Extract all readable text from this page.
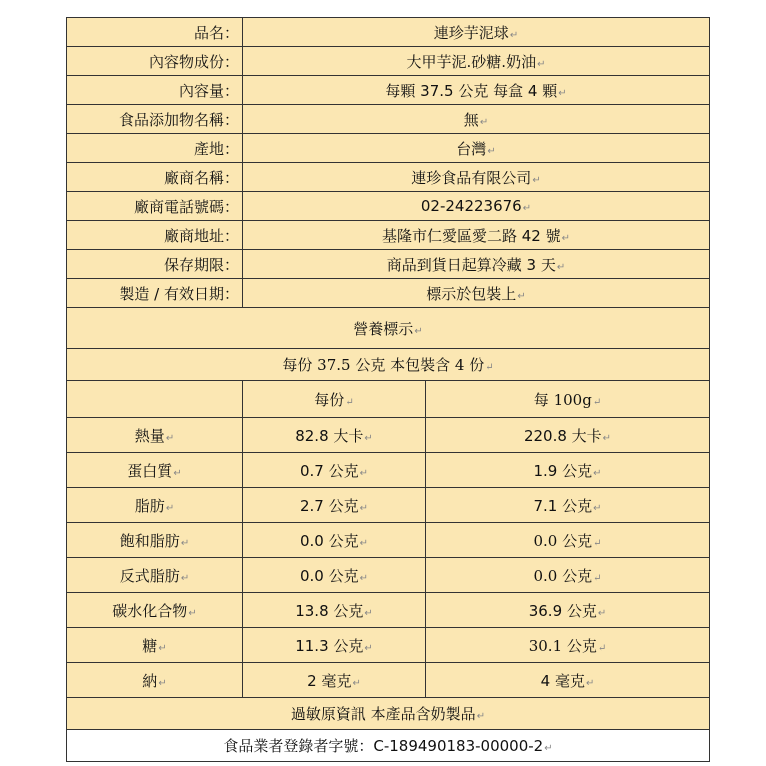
品名：	連珍芋泥球↵	
內容物成份：	大甲芋泥.砂糖.奶油↵	
內容量：	每顆 37.5 公克 每盒 4 顆↵	
食品添加物名稱：	無↵	
產地：	台灣↵	
廠商名稱：	連珍食品有限公司↵	
廠商電話號碼：	02-24223676↵	
廠商地址：	基隆市仁愛區愛二路 42 號↵	
保存期限：	商品到貨日起算冷藏 3 天↵	
製造 / 有效日期：	標示於包裝上↵	
營養標示↵		
每份 37.5 公克 本包裝含 4 份↵		
	每份↵	每 100g↵
熱量↵	82.8 大卡↵	220.8 大卡↵
蛋白質↵	0.7 公克↵	1.9 公克↵
脂肪↵	2.7 公克↵	7.1 公克↵
飽和脂肪↵	0.0 公克↵	0.0 公克↵
反式脂肪↵	0.0 公克↵	0.0 公克↵
碳水化合物↵	13.8 公克↵	36.9 公克↵
糖↵	11.3 公克↵	30.1 公克↵
納↵	2 毫克↵	4 毫克↵
過敏原資訊 本產品含奶製品↵		
食品業者登錄者字號：C-189490183-00000-2↵		
